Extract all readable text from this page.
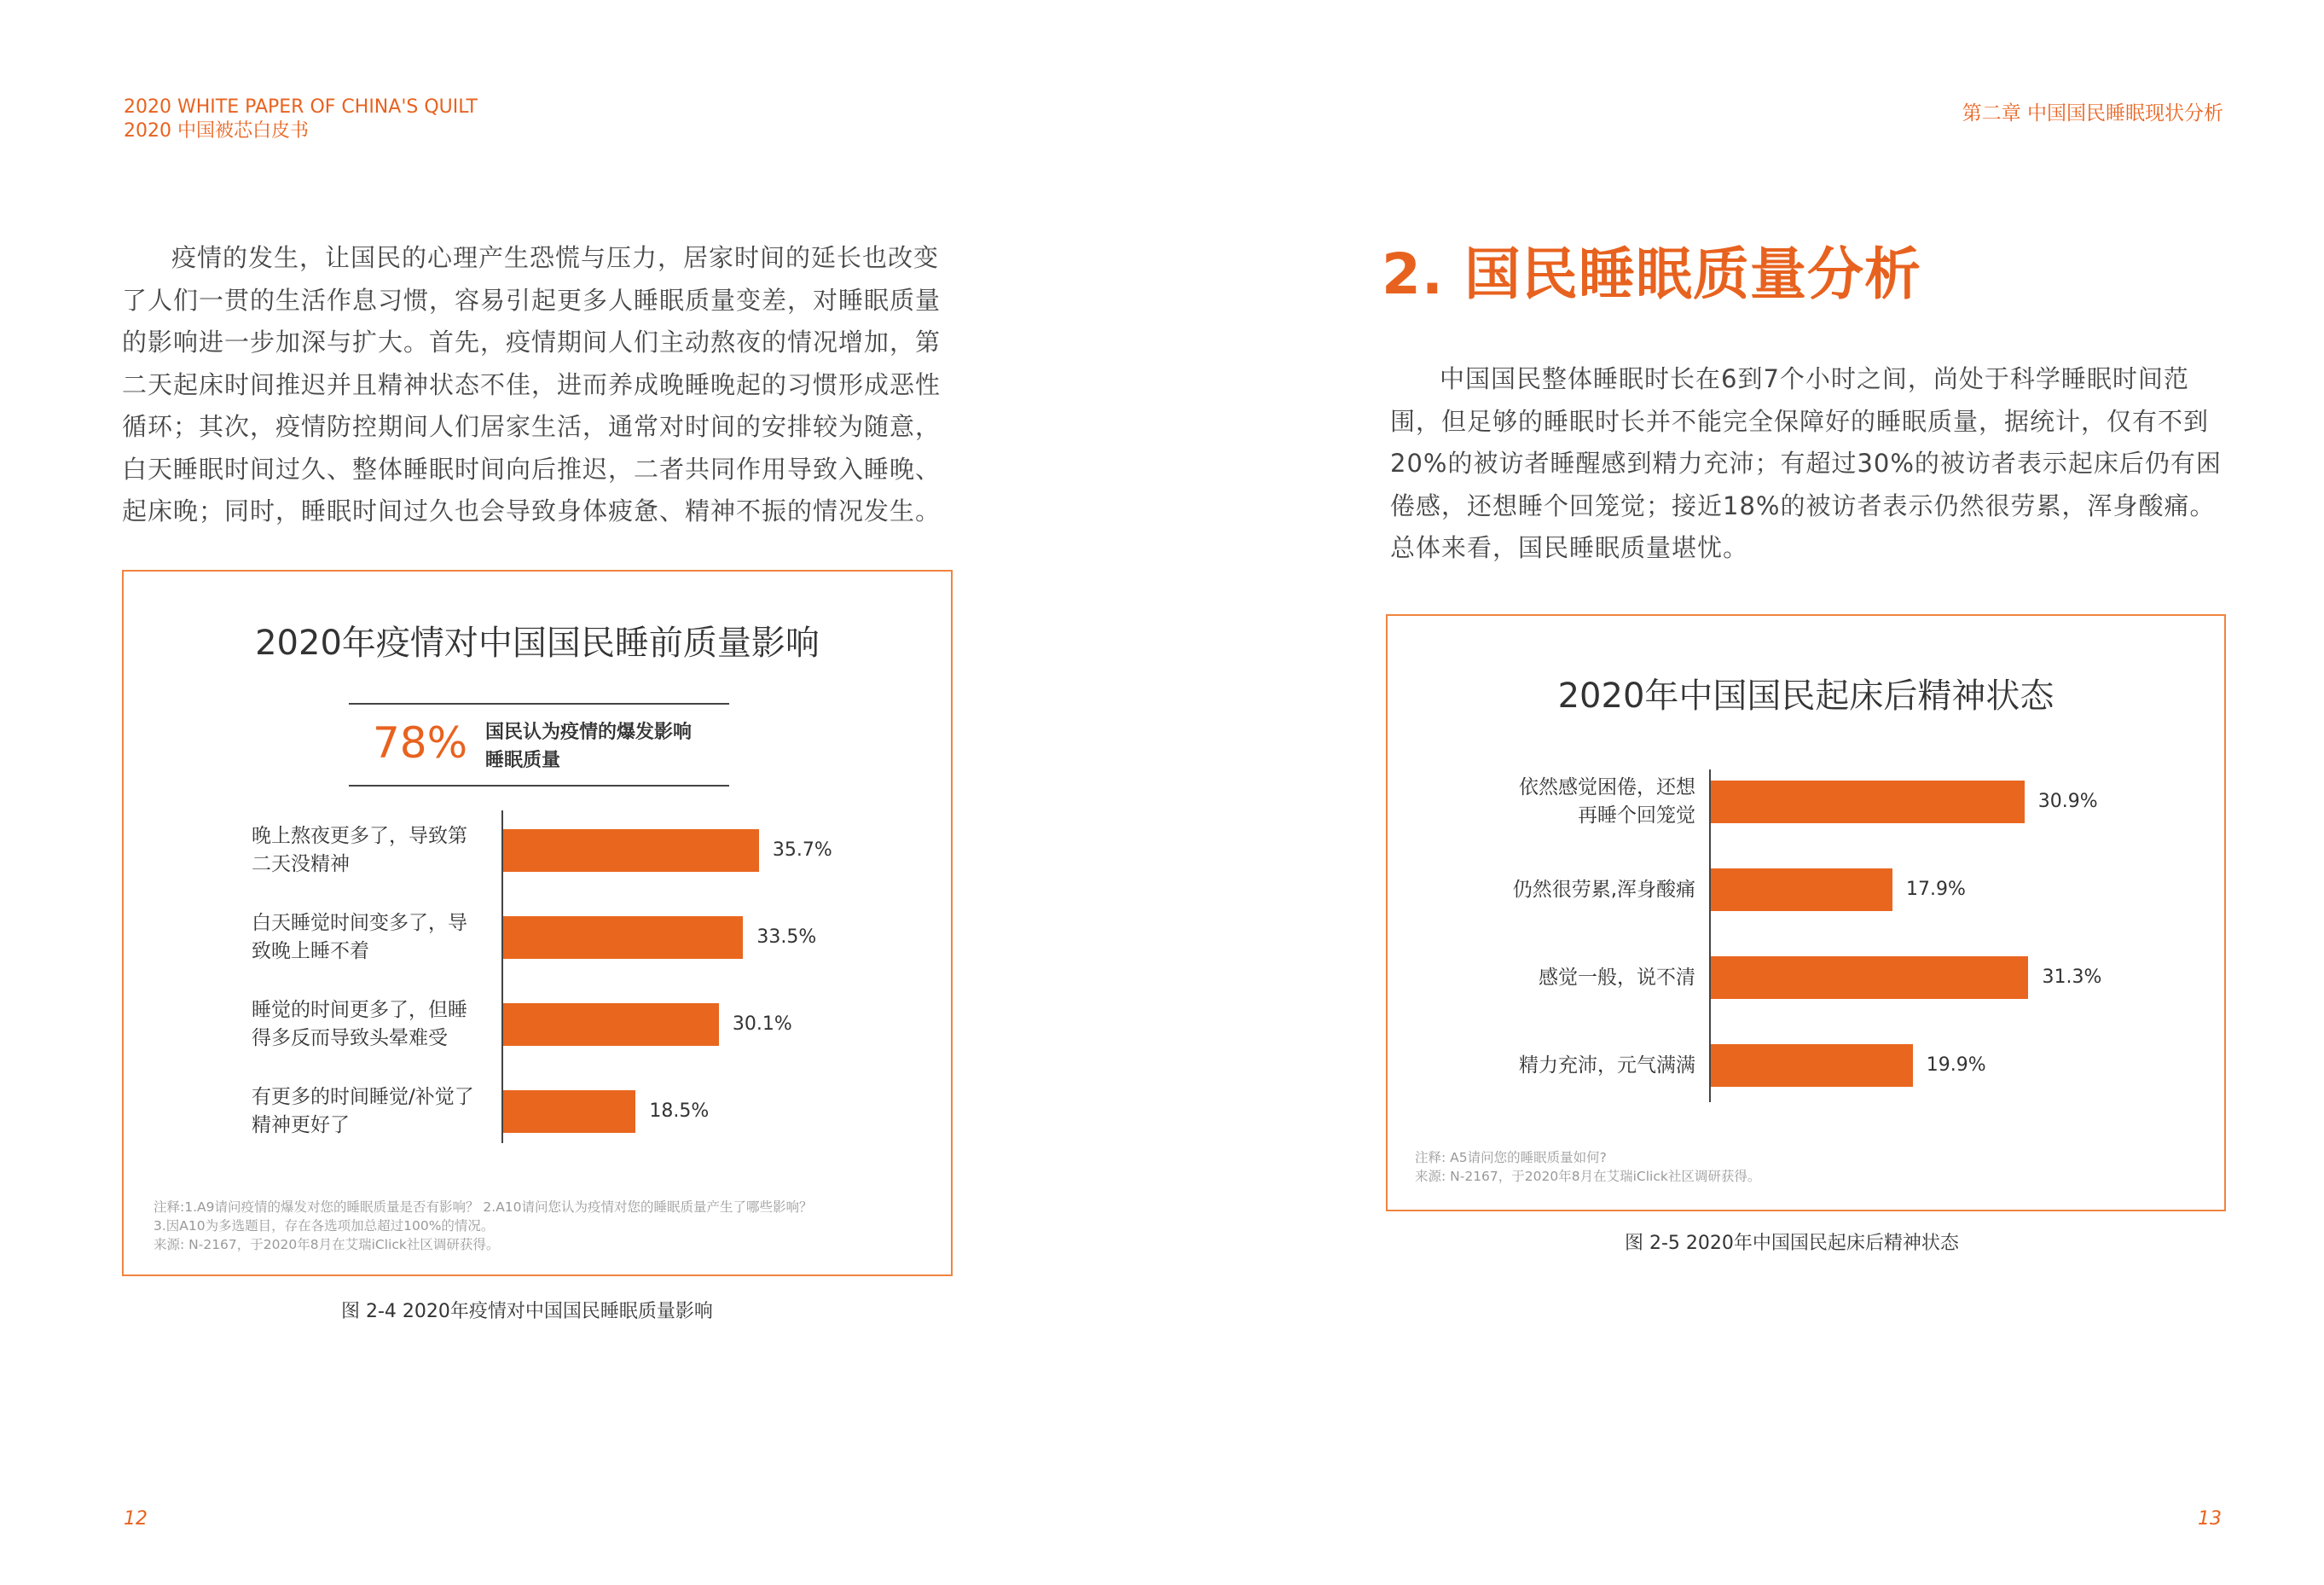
2020 WHITE PAPER OF CHINA'S QUILT
2020 中国被芯白皮书
第二章 中国国民睡眠现状分析

疫情的发生，让国民的心理产生恐慌与压力，居家时间的延长也改变了人们一贯的生活作息习惯，容易引起更多人睡眠质量变差，对睡眠质量的影响进一步加深与扩大。首先，疫情期间人们主动熬夜的情况增加，第二天起床时间推迟并且精神状态不佳，进而养成晚睡晚起的习惯形成恶性循环；其次，疫情防控期间人们居家生活，通常对时间的安排较为随意，白天睡眠时间过久、整体睡眠时间向后推迟，二者共同作用导致入睡晚、起床晚；同时，睡眠时间过久也会导致身体疲惫、精神不振的情况发生。

2020年疫情对中国国民睡前质量影响
78% 国民认为疫情的爆发影响
睡眠质量
晚上熬夜更多了，导致第
二天没精神
35.7%
白天睡觉时间变多了，导
致晚上睡不着
33.5%
睡觉的时间更多了，但睡
得多反而导致头晕难受
30.1%
有更多的时间睡觉/补觉了
精神更好了
18.5%
注释:1.A9请问疫情的爆发对您的睡眠质量是否有影响？ 2.A10请问您认为疫情对您的睡眠质量产生了哪些影响？
3.因A10为多选题目，存在各选项加总超过100%的情况。
来源: N-2167，于2020年8月在艾瑞iClick社区调研获得。
图 2-4 2020年疫情对中国国民睡眠质量影响
2. 国民睡眠质量分析

中国国民整体睡眠时长在6到7个小时之间，尚处于科学睡眠时间范围，但足够的睡眠时长并不能完全保障好的睡眠质量，据统计，仅有不到20%的被访者睡醒感到精力充沛；有超过30%的被访者表示起床后仍有困倦感，还想睡个回笼觉；接近18%的被访者表示仍然很劳累，浑身酸痛。总体来看，国民睡眠质量堪忧。

2020年中国国民起床后精神状态
依然感觉困倦，还想
再睡个回笼觉
30.9%
仍然很劳累,浑身酸痛	17.9%
感觉一般，说不清	31.3%
精力充沛，元气满满	19.9%
注释: A5请问您的睡眠质量如何?
来源: N-2167，于2020年8月在艾瑞iClick社区调研获得。
图 2-5 2020年中国国民起床后精神状态
12	13
